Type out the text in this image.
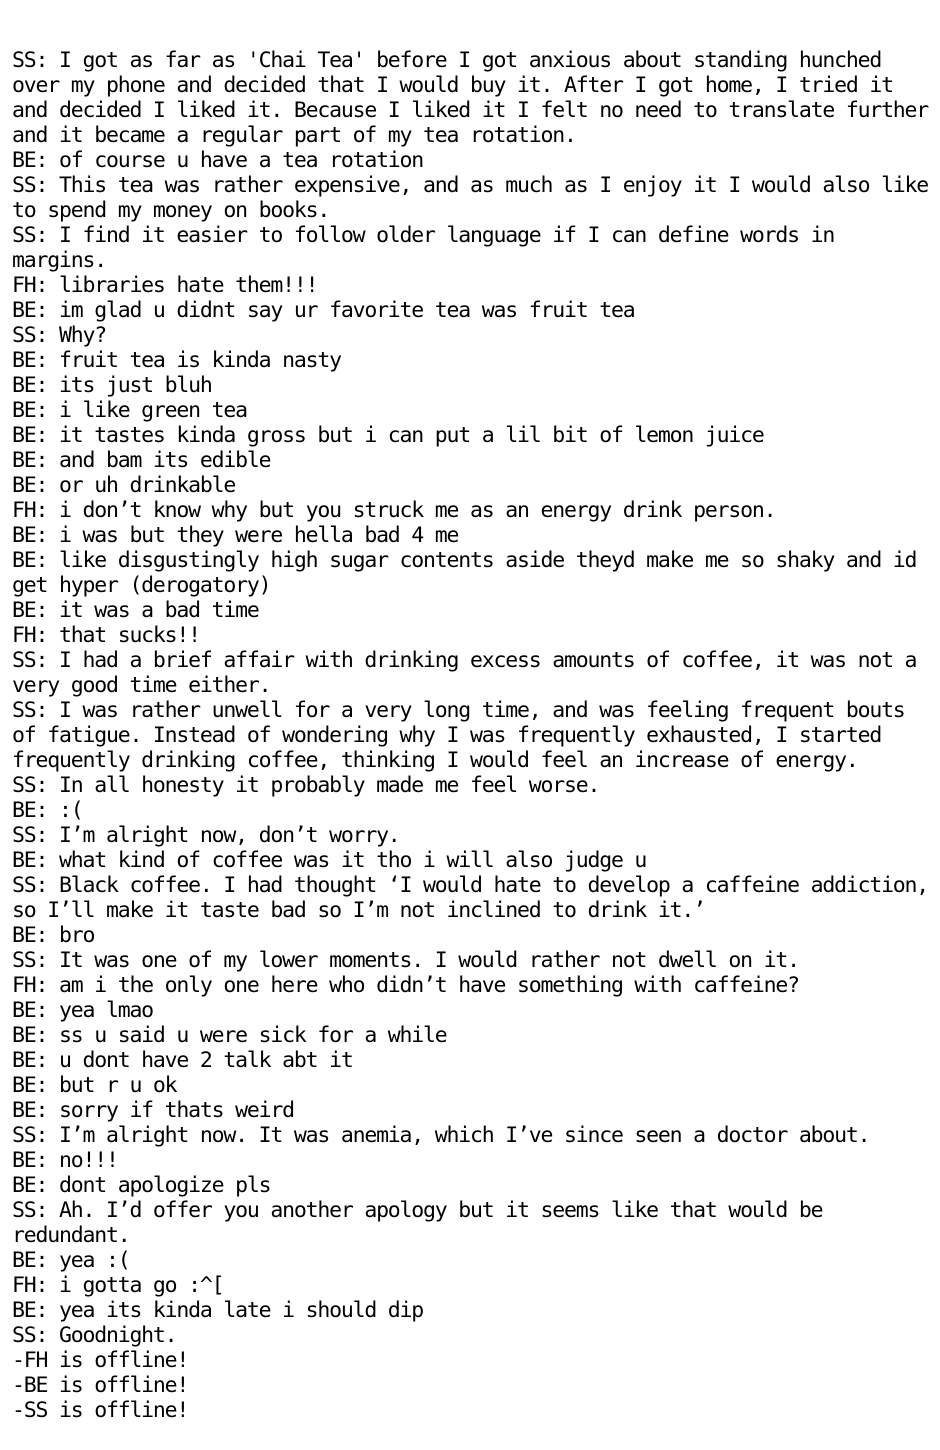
SS: I got as far as 'Chai Tea' before I got anxious about standing hunched over my phone and decided that I would buy it. After I got home, I tried it and decided I liked it. Because I liked it I felt no need to translate further and it became a regular part of my tea rotation.
BE: of course u have a tea rotation
SS: This tea was rather expensive, and as much as I enjoy it I would also like to spend my money on books.
SS: I find it easier to follow older language if I can define words in margins.
FH: libraries hate them!!!
BE: im glad u didnt say ur favorite tea was fruit tea
SS: Why?
BE: fruit tea is kinda nasty
BE: its just bluh
BE: i like green tea
BE: it tastes kinda gross but i can put a lil bit of lemon juice
BE: and bam its edible
BE: or uh drinkable
FH: i don’t know why but you struck me as an energy drink person.
BE: i was but they were hella bad 4 me
BE: like disgustingly high sugar contents aside theyd make me so shaky and id get hyper (derogatory)
BE: it was a bad time
FH: that sucks!!
SS: I had a brief affair with drinking excess amounts of coffee, it was not a very good time either.
SS: I was rather unwell for a very long time, and was feeling frequent bouts of fatigue. Instead of wondering why I was frequently exhausted, I started frequently drinking coffee, thinking I would feel an increase of energy.
SS: In all honesty it probably made me feel worse.
BE: :(
SS: I’m alright now, don’t worry.
BE: what kind of coffee was it tho i will also judge u
SS: Black coffee. I had thought ‘I would hate to develop a caffeine addiction, so I’ll make it taste bad so I’m not inclined to drink it.’
BE: bro
SS: It was one of my lower moments. I would rather not dwell on it.
FH: am i the only one here who didn’t have something with caffeine?
BE: yea lmao
BE: ss u said u were sick for a while
BE: u dont have 2 talk abt it
BE: but r u ok
BE: sorry if thats weird
SS: I’m alright now. It was anemia, which I’ve since seen a doctor about.
BE: no!!!
BE: dont apologize pls
SS: Ah. I’d offer you another apology but it seems like that would be redundant.
BE: yea :(
FH: i gotta go :^[
BE: yea its kinda late i should dip
SS: Goodnight.
-FH is offline!
-BE is offline!
-SS is offline!
